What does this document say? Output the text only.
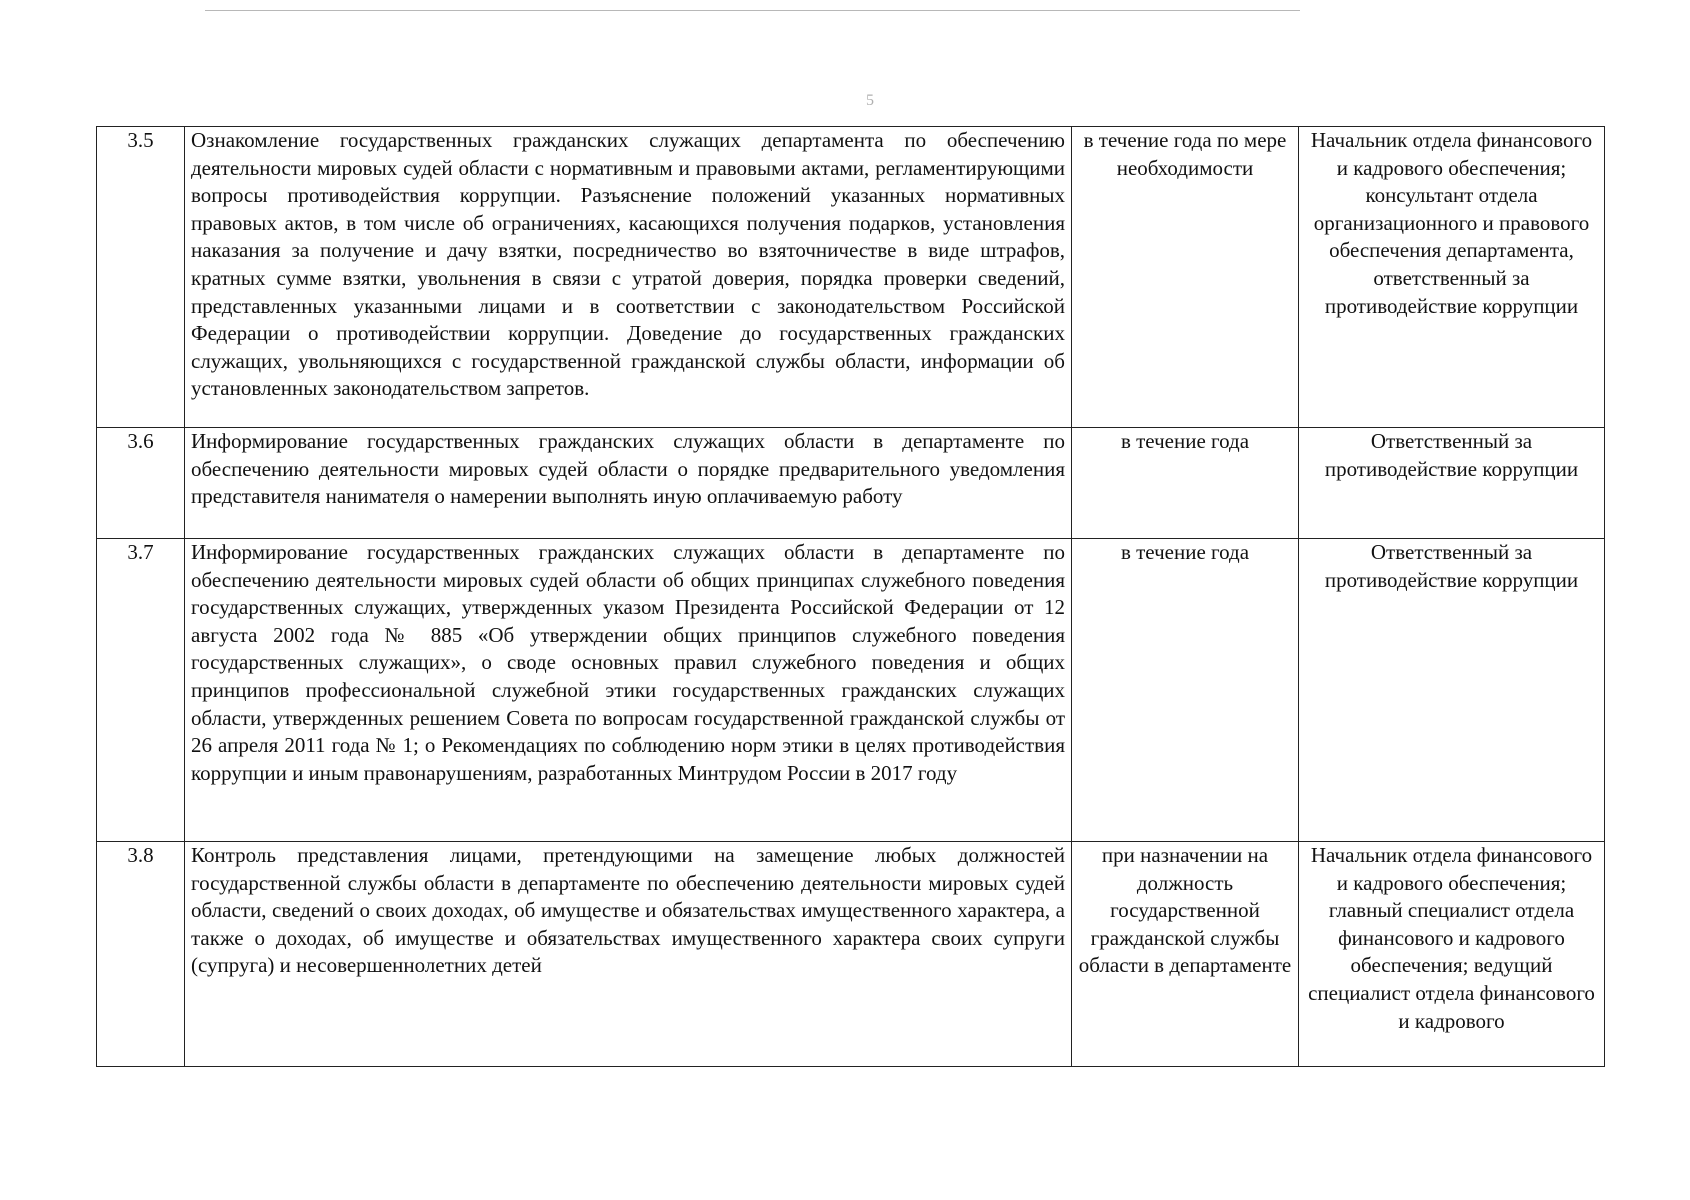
5
3.5	Ознакомление государственных гражданских служащих департамента по обеспечению деятельности мировых судей области с нормативным и правовыми актами, регламентирующими вопросы противодействия коррупции. Разъяснение положений указанных нормативных правовых актов, в том числе об ограничениях, касающихся получения подарков, установления наказания за получение и дачу взятки, посредничество во взяточничестве в виде штрафов, кратных сумме взятки, увольнения в связи с утратой доверия, порядка проверки сведений, представленных указанными лицами и в соответствии с законодательством Российской Федерации о противодействии коррупции. Доведение до государственных гражданских служащих, увольняющихся с государственной гражданской службы области, информации об установленных законодательством запретов.	в течение года по мере необходимости	Начальник отдела финансового и кадрового обеспечения; консультант отдела организационного и правового обеспечения департамента, ответственный за противодействие коррупции

3.6	Информирование государственных гражданских служащих области в департаменте по обеспечению деятельности мировых судей области о порядке предварительного уведомления представителя нанимателя о намерении выполнять иную оплачиваемую работу	в течение года	Ответственный за противодействие коррупции

3.7	Информирование государственных гражданских служащих области в департаменте по обеспечению деятельности мировых судей области об общих принципах служебного поведения государственных служащих, утвержденных указом Президента Российской Федерации от 12 августа 2002 года № 885 «Об утверждении общих принципов служебного поведения государственных служащих», о своде основных правил служебного поведения и общих принципов профессиональной служебной этики государственных гражданских служащих области, утвержденных решением Совета по вопросам государственной гражданской службы от 26 апреля 2011 года № 1; о Рекомендациях по соблюдению норм этики в целях противодействия коррупции и иным правонарушениям, разработанных Минтрудом России в 2017 году	в течение года	Ответственный за противодействие коррупции

3.8	Контроль представления лицами, претендующими на замещение любых должностей государственной службы области в департаменте по обеспечению деятельности мировых судей области, сведений о своих доходах, об имуществе и обязательствах имущественного характера, а также о доходах, об имуществе и обязательствах имущественного характера своих супруги (супруга) и несовершеннолетних детей	при назначении на должность государственной гражданской службы области в департаменте	Начальник отдела финансового и кадрового обеспечения; главный специалист отдела финансового и кадрового обеспечения; ведущий специалист отдела финансового и кадрового
